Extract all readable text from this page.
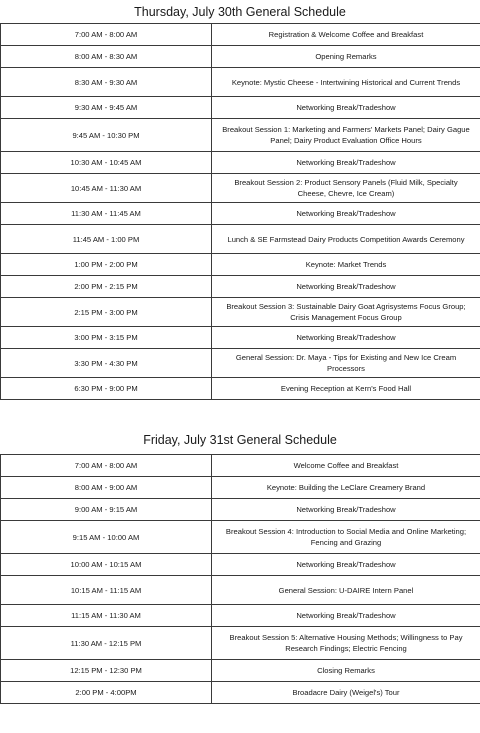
Thursday, July 30th General Schedule
7:00 AM - 8:00 AM	Registration & Welcome Coffee and Breakfast
8:00 AM - 8:30 AM	Opening Remarks
8:30 AM - 9:30 AM	Keynote: Mystic Cheese - Intertwining Historical and Current Trends
9:30 AM - 9:45 AM	Networking Break/Tradeshow
9:45 AM - 10:30 PM	Breakout Session 1: Marketing and Farmers' Markets Panel; Dairy Gague Panel; Dairy Product Evaluation Office Hours
10:30 AM - 10:45 AM	Networking Break/Tradeshow
10:45 AM - 11:30 AM	Breakout Session 2: Product Sensory Panels (Fluid Milk, Specialty Cheese, Chevre, Ice Cream)
11:30 AM - 11:45 AM	Networking Break/Tradeshow
11:45 AM - 1:00 PM	Lunch & SE Farmstead Dairy Products Competition Awards Ceremony
1:00 PM - 2:00 PM	Keynote: Market Trends
2:00 PM - 2:15 PM	Networking Break/Tradeshow
2:15 PM - 3:00 PM	Breakout Session 3: Sustainable Dairy Goat Agrisystems Focus Group; Crisis Management Focus Group
3:00 PM - 3:15 PM	Networking Break/Tradeshow
3:30 PM - 4:30 PM	General Session: Dr. Maya - Tips for Existing and New Ice Cream Processors
6:30 PM - 9:00 PM	Evening Reception at Kern's Food Hall
Friday, July 31st General Schedule
7:00 AM - 8:00 AM	Welcome Coffee and Breakfast
8:00 AM - 9:00 AM	Keynote: Building the LeClare Creamery Brand
9:00 AM - 9:15 AM	Networking Break/Tradeshow
9:15 AM - 10:00 AM	Breakout Session 4: Introduction to Social Media and Online Marketing; Fencing and Grazing
10:00 AM - 10:15 AM	Networking Break/Tradeshow
10:15 AM - 11:15 AM	General Session: U-DAIRE Intern Panel
11:15 AM - 11:30 AM	Networking Break/Tradeshow
11:30 AM - 12:15 PM	Breakout Session 5: Alternative Housing Methods; Willingness to Pay Research Findings; Electric Fencing
12:15 PM - 12:30 PM	Closing Remarks
2:00 PM - 4:00PM	Broadacre Dairy (Weigel's) Tour
